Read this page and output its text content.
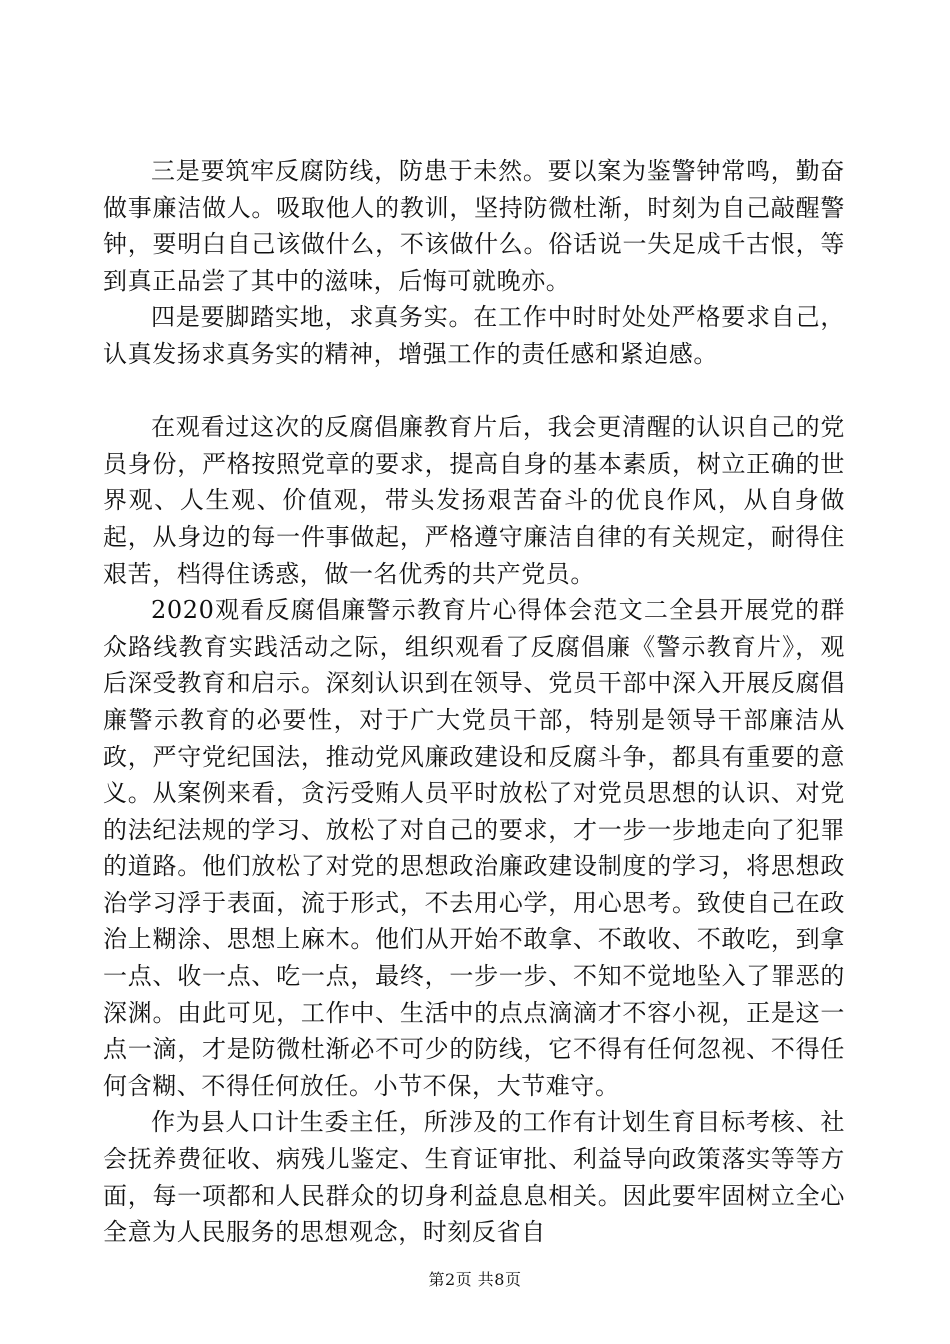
三是要筑牢反腐防线，防患于未然。要以案为鉴警钟常鸣，勤奋做事廉洁做人。吸取他人的教训，坚持防微杜渐，时刻为自己敲醒警钟，要明白自己该做什么，不该做什么。俗话说一失足成千古恨，等到真正品尝了其中的滋味，后悔可就晚亦。

四是要脚踏实地，求真务实。在工作中时时处处严格要求自己，认真发扬求真务实的精神，增强工作的责任感和紧迫感。

在观看过这次的反腐倡廉教育片后，我会更清醒的认识自己的党员身份，严格按照党章的要求，提高自身的基本素质，树立正确的世界观、人生观、价值观，带头发扬艰苦奋斗的优良作风，从自身做起，从身边的每一件事做起，严格遵守廉洁自律的有关规定，耐得住艰苦，档得住诱惑，做一名优秀的共产党员。

2020观看反腐倡廉警示教育片心得体会范文二全县开展党的群众路线教育实践活动之际，组织观看了反腐倡廉《警示教育片》，观后深受教育和启示。深刻认识到在领导、党员干部中深入开展反腐倡廉警示教育的必要性，对于广大党员干部，特别是领导干部廉洁从政，严守党纪国法，推动党风廉政建设和反腐斗争，都具有重要的意义。从案例来看，贪污受贿人员平时放松了对党员思想的认识、对党的法纪法规的学习、放松了对自己的要求，才一步一步地走向了犯罪的道路。他们放松了对党的思想政治廉政建设制度的学习，将思想政治学习浮于表面，流于形式，不去用心学，用心思考。致使自己在政治上糊涂、思想上麻木。他们从开始不敢拿、不敢收、不敢吃，到拿一点、收一点、吃一点，最终，一步一步、不知不觉地坠入了罪恶的深渊。由此可见，工作中、生活中的点点滴滴才不容小视，正是这一点一滴，才是防微杜渐必不可少的防线，它不得有任何忽视、不得任何含糊、不得任何放任。小节不保，大节难守。

作为县人口计生委主任，所涉及的工作有计划生育目标考核、社会抚养费征收、病残儿鉴定、生育证审批、利益导向政策落实等等方面，每一项都和人民群众的切身利益息息相关。因此要牢固树立全心全意为人民服务的思想观念，时刻反省自

第2页 共8页
